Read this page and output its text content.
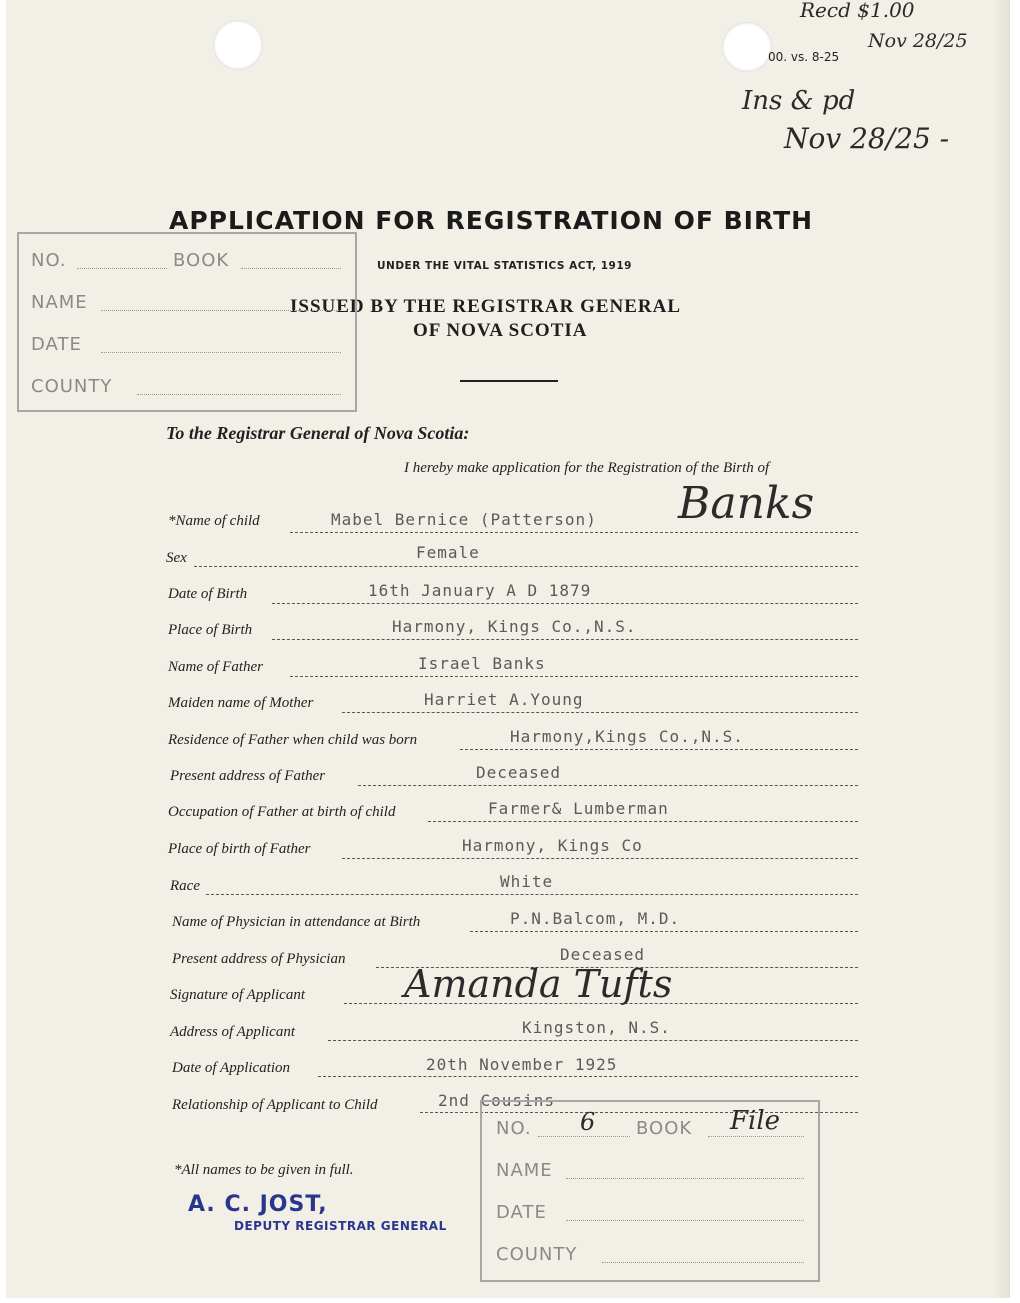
Recd $1.00
Nov 28/25
00. vs. 8-25
Ins & pd
Nov 28/25 -
APPLICATION FOR REGISTRATION OF BIRTH
UNDER THE VITAL STATISTICS ACT, 1919
ISSUED BY THE REGISTRAR GENERAL
OF NOVA SCOTIA
NO.	BOOK
NAME
DATE
COUNTY
To the Registrar General of Nova Scotia:
I hereby make application for the Registration of the Birth of
*Name of child	Mabel Bernice (Patterson) Banks
Sex	Female
Date of Birth	16th January A D 1879
Place of Birth	Harmony, Kings Co.,N.S.
Name of Father	Israel Banks
Maiden name of Mother	Harriet A.Young
Residence of Father when child was born	Harmony,Kings Co.,N.S.
Present address of Father	Deceased
Occupation of Father at birth of child	Farmer& Lumberman
Place of birth of Father	Harmony, Kings Co
Race	White
Name of Physician in attendance at Birth	P.N.Balcom, M.D.
Present address of Physician	Deceased
Signature of Applicant	Amanda Tufts
Address of Applicant	Kingston, N.S.
Date of Application	20th November 1925
Relationship of Applicant to Child	2nd Cousins
*All names to be given in full.
A. C. JOST,
DEPUTY REGISTRAR GENERAL
NO. 6 BOOK File
NAME
DATE
COUNTY
